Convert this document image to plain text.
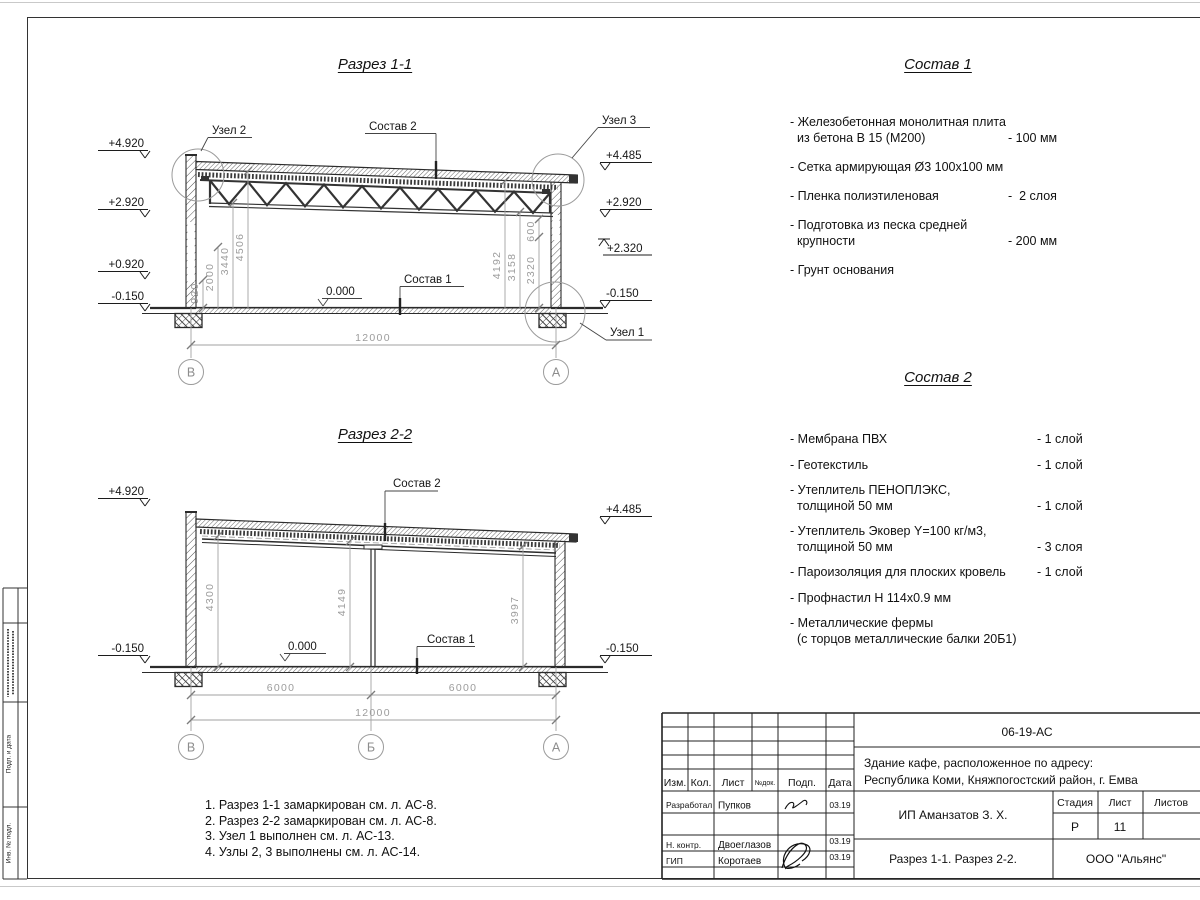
Разрез 1-1	Состав 1
Разрез 2-2
Состав 2
920
2000
3440 4506
4192 3158 2320
600
12000
В	А
+4.920
+2.920
+0.920
-0.150
+4.485
+2.920
+2.320
-0.150
Узел 2	Состав 2	Узел 3
Состав 1
0.000
Узел 1
4300	4149	3997
6000	6000
12000
В	Б	А
+4.920
-0.150
+4.485
-0.150
Состав 2
Состав 1
0.000
- Железобетонная монолитная плита
из бетона В 15 (М200)	- 100 мм
- Сетка армирующая Ø3 100х100 мм
- Пленка полиэтиленовая	-  2 слоя
- Подготовка из песка средней
крупности	- 200 мм
- Грунт основания
- Мембрана ПВХ	- 1 слой
- Геотекстиль	- 1 слой
- Утеплитель ПЕНОПЛЭКС,
толщиной 50 мм	- 1 слой
- Утеплитель Эковер Y=100 кг/м3,
толщиной 50 мм	- 3 слоя
- Пароизоляция для плоских кровель	- 1 слой
- Профнастил Н 114х0.9 мм
- Металлические фермы
(с торцов металлические балки 20Б1)
1. Разрез 1-1 замаркирован см. л. АС-8.
2. Разрез 2-2 замаркирован см. л. АС-8.
3. Узел 1 выполнен см. л. АС-13.
4. Узлы 2, 3 выполнены см. л. АС-14.
Подп. и дата
Инв. № подл.
06-19-АС
Здание кафе, расположенное по адресу:
Республика Коми, Княжпогостский район, г. Емва
Изм. Кол. Лист №док. Подп. Дата
Разработал Пупков	03.19
Н. контр. Двоеглазов	03.19
ГИП	Коротаев	03.19
ИП Аманзатов З. Х.
Стадия Лист Листов
Р	11
Разрез 1-1. Разрез 2-2.	ООО "Альянс"
